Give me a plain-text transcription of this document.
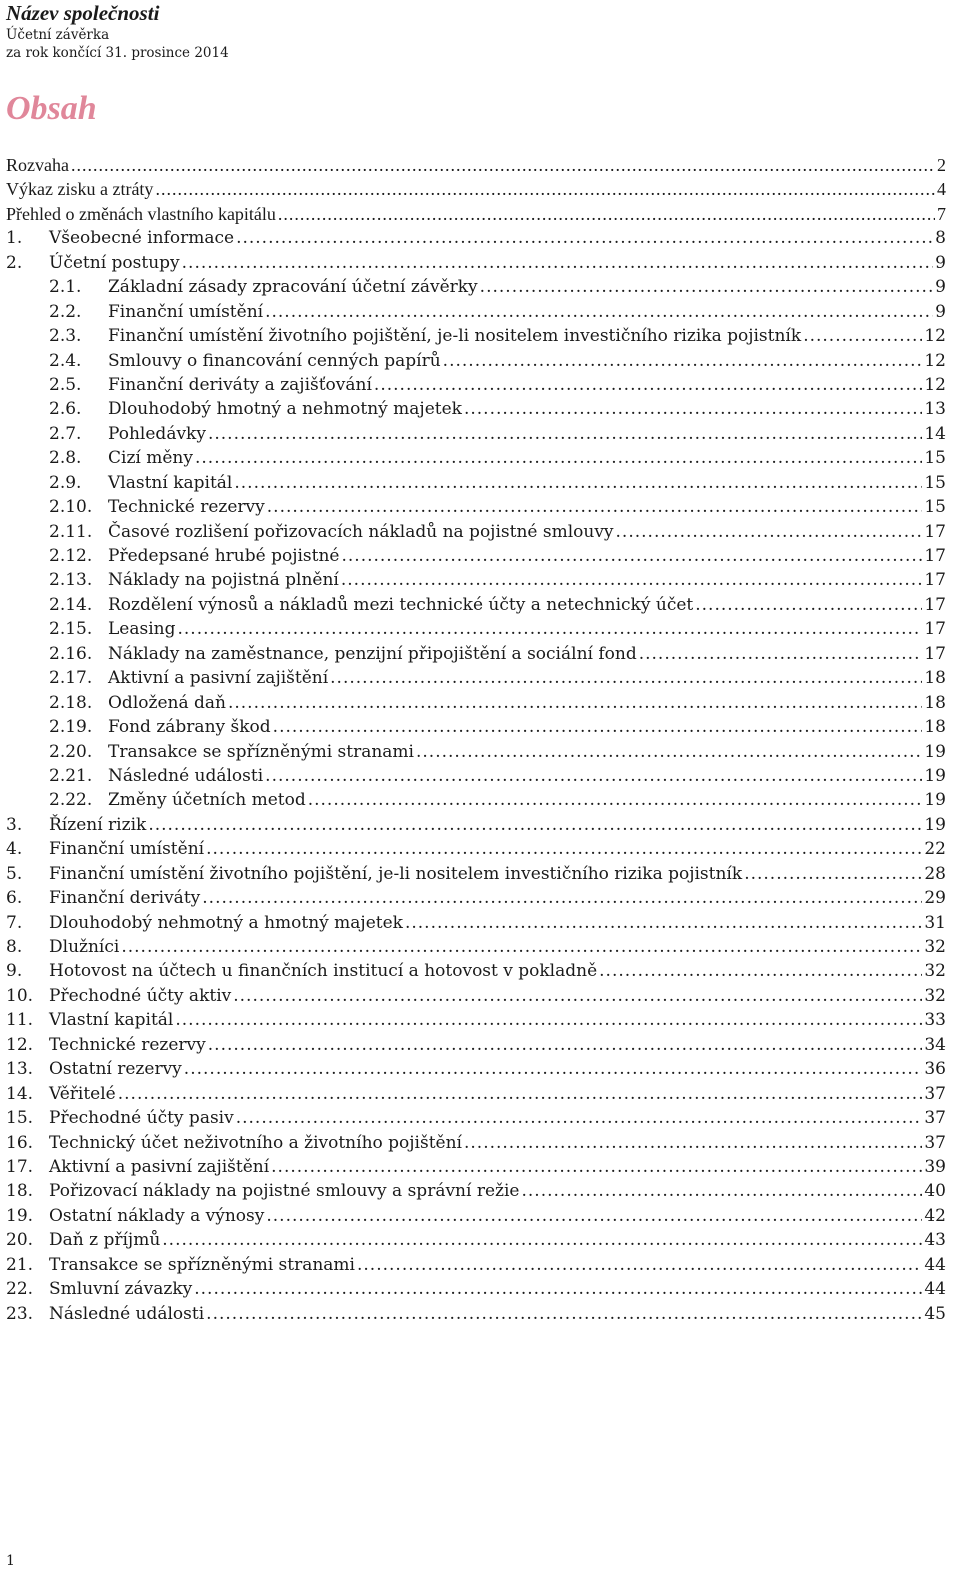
Název společnosti
Účetní závěrka
za rok končící 31. prosince 2014
Obsah
Rozvaha .....	2
Výkaz zisku a ztráty .....	4
Přehled o změnách vlastního kapitálu .....	7
1.	Všeobecné informace .....	8
2.	Účetní postupy .....	9
2.1.	Základní zásady zpracování účetní závěrky .....	9
2.2.	Finanční umístění .....	9
2.3.	Finanční umístění životního pojištění, je-li nositelem investičního rizika pojistník .....	12
2.4.	Smlouvy o financování cenných papírů .....	12
2.5.	Finanční deriváty a zajišťování .....	12
2.6.	Dlouhodobý hmotný a nehmotný majetek .....	13
2.7.	Pohledávky .....	14
2.8.	Cizí měny .....	15
2.9.	Vlastní kapitál .....	15
2.10. Technické rezervy .....	15
2.11. Časové rozlišení pořizovacích nákladů na pojistné smlouvy .....	17
2.12. Předepsané hrubé pojistné .....	17
2.13. Náklady na pojistná plnění .....	17
2.14. Rozdělení výnosů a nákladů mezi technické účty a netechnický účet .....	17
2.15. Leasing .....	17
2.16. Náklady na zaměstnance, penzijní připojištění a sociální fond .....	17
2.17. Aktivní a pasivní zajištění .....	18
2.18. Odložená daň .....	18
2.19. Fond zábrany škod .....	18
2.20. Transakce se spřízněnými stranami .....	19
2.21. Následné události .....	19
2.22. Změny účetních metod .....	19
3.	Řízení rizik .....	19
4.	Finanční umístění .....	22
5.	Finanční umístění životního pojištění, je-li nositelem investičního rizika pojistník .....	28
6.	Finanční deriváty .....	29
7.	Dlouhodobý nehmotný a hmotný majetek .....	31
8.	Dlužníci .....	32
9.	Hotovost na účtech u finančních institucí a hotovost v pokladně .....	32
10. Přechodné účty aktiv .....	32
11. Vlastní kapitál .....	33
12. Technické rezervy .....	34
13. Ostatní rezervy .....	36
14. Věřitelé .....	37
15. Přechodné účty pasiv .....	37
16. Technický účet neživotního a životního pojištění .....	37
17. Aktivní a pasivní zajištění .....	39
18. Pořizovací náklady na pojistné smlouvy a správní režie .....	40
19. Ostatní náklady a výnosy .....	42
20. Daň z příjmů .....	43
21. Transakce se spřízněnými stranami .....	44
22. Smluvní závazky .....	44
23. Následné události .....	45
1
